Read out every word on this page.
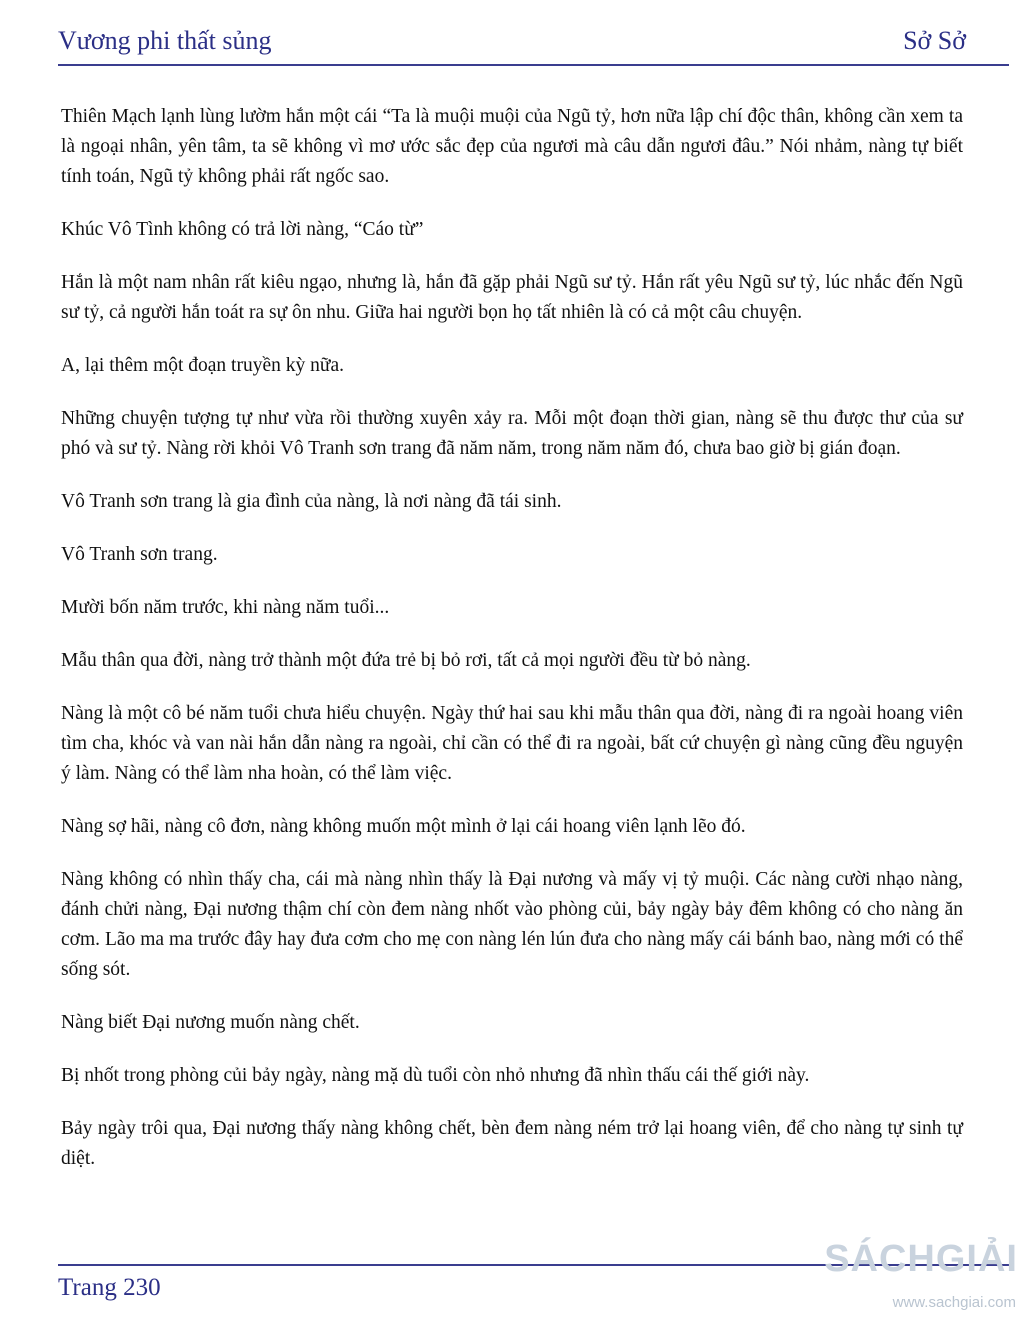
Vương phi thất sủng	Sở Sở

Thiên Mạch lạnh lùng lườm hắn một cái “Ta là muội muội của Ngũ tỷ, hơn nữa lập chí độc thân, không cần xem ta là ngoại nhân, yên tâm, ta sẽ không vì mơ ước sắc đẹp của ngươi mà câu dẫn ngươi đâu.” Nói nhảm, nàng tự biết tính toán, Ngũ tỷ không phải rất ngốc sao.

Khúc Vô Tình không có trả lời nàng, “Cáo từ”

Hắn là một nam nhân rất kiêu ngạo, nhưng là, hắn đã gặp phải Ngũ sư tỷ. Hắn rất yêu Ngũ sư tỷ, lúc nhắc đến Ngũ sư tỷ, cả người hắn toát ra sự ôn nhu. Giữa hai người bọn họ tất nhiên là có cả một câu chuyện.

A, lại thêm một đoạn truyền kỳ nữa.

Những chuyện tượng tự như vừa rồi thường xuyên xảy ra. Mỗi một đoạn thời gian, nàng sẽ thu được thư của sư phó và sư tỷ. Nàng rời khỏi Vô Tranh sơn trang đã năm năm, trong năm năm đó, chưa bao giờ bị gián đoạn.

Vô Tranh sơn trang là gia đình của nàng, là nơi nàng đã tái sinh.

Vô Tranh sơn trang.

Mười bốn năm trước, khi nàng năm tuổi...

Mẫu thân qua đời, nàng trở thành một đứa trẻ bị bỏ rơi, tất cả mọi người đều từ bỏ nàng.

Nàng là một cô bé năm tuổi chưa hiểu chuyện. Ngày thứ hai sau khi mẫu thân qua đời, nàng đi ra ngoài hoang viên tìm cha, khóc và van nài hắn dẫn nàng ra ngoài, chỉ cần có thể đi ra ngoài, bất cứ chuyện gì nàng cũng đều nguyện ý làm. Nàng có thể làm nha hoàn, có thể làm việc.

Nàng sợ hãi, nàng cô đơn, nàng không muốn một mình ở lại cái hoang viên lạnh lẽo đó.

Nàng không có nhìn thấy cha, cái mà nàng nhìn thấy là Đại nương và mấy vị tỷ muội. Các nàng cười nhạo nàng, đánh chửi nàng, Đại nương thậm chí còn đem nàng nhốt vào phòng củi, bảy ngày bảy đêm không có cho nàng ăn cơm. Lão ma ma trước đây hay đưa cơm cho mẹ con nàng lén lún đưa cho nàng mấy cái bánh bao, nàng mới có thể sống sót.

Nàng biết Đại nương muốn nàng chết.

Bị nhốt trong phòng củi bảy ngày, nàng mặ dù tuổi còn nhỏ nhưng đã nhìn thấu cái thế giới này.

Bảy ngày trôi qua, Đại nương thấy nàng không chết, bèn đem nàng ném trở lại hoang viên, để cho nàng tự sinh tự diệt.

Trang 230
SÁCHGIẢI
www.sachgiai.com
